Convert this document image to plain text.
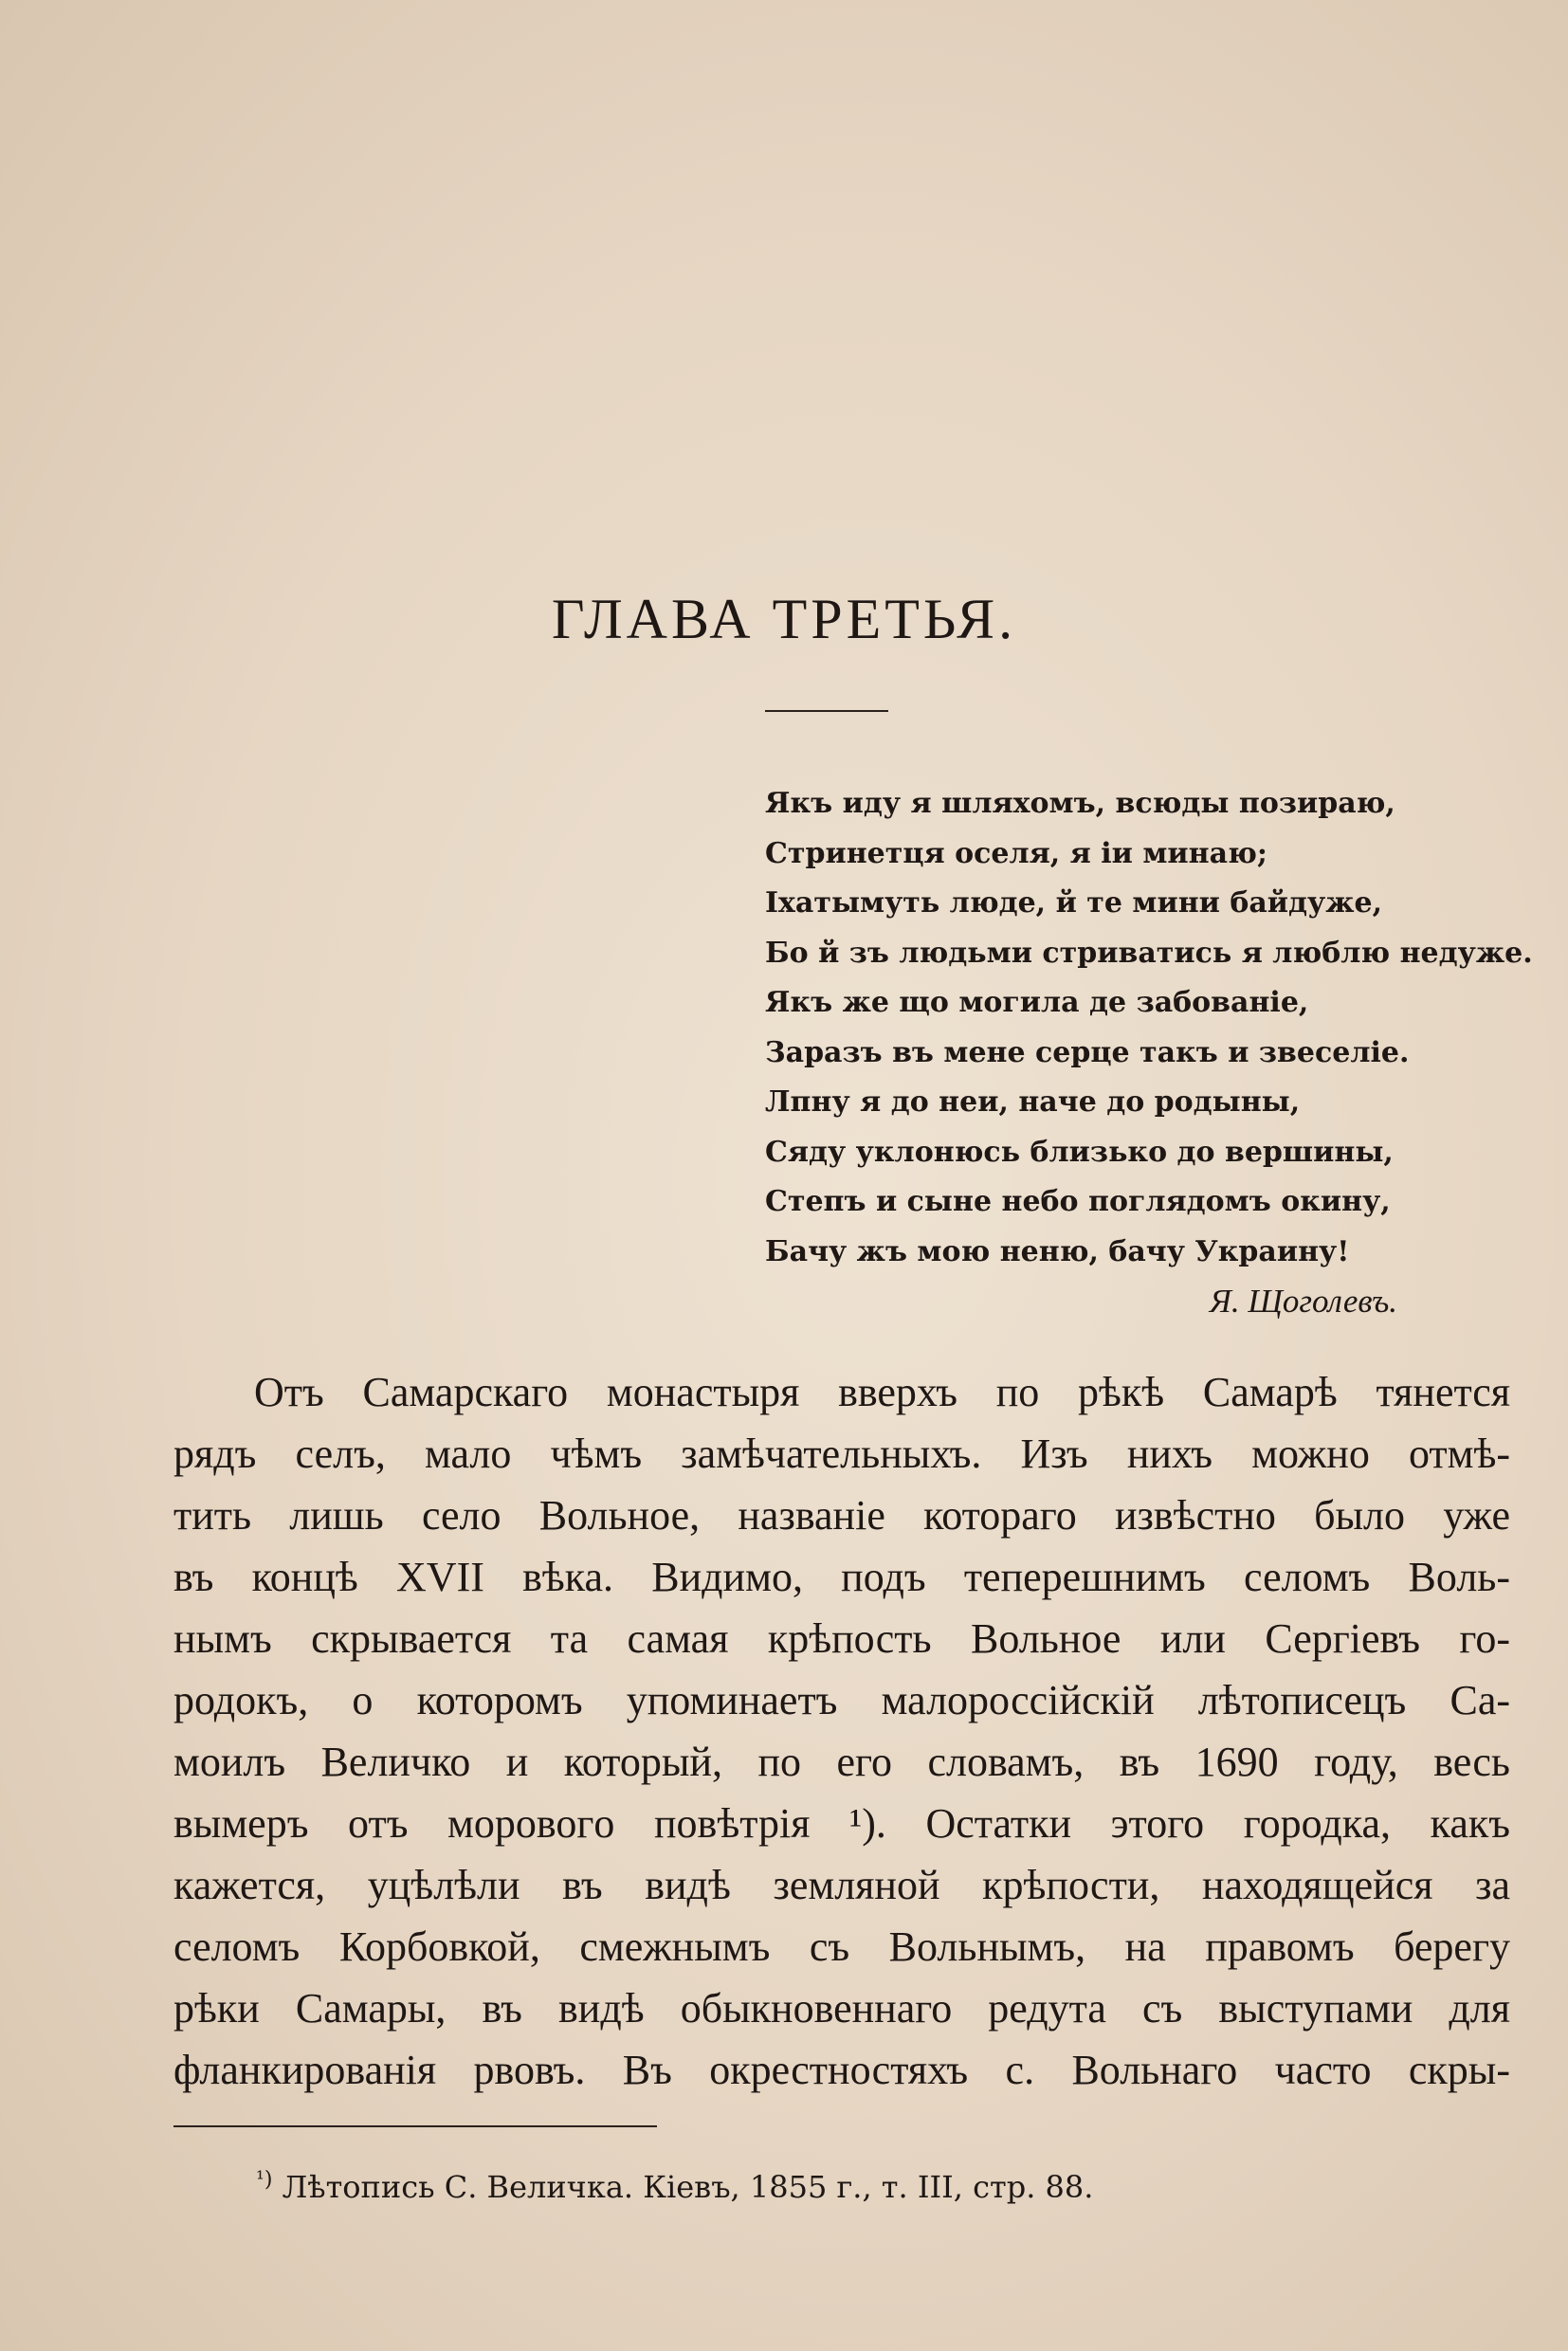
ГЛАВА ТРЕТЬЯ.
Якъ иду я шляхомъ, всюды позираю,
Стринетця оселя, я іи минаю;
Іхатымуть люде, й те мини байдуже,
Бо й зъ людьми стриватись я люблю недуже.
Якъ же що могила де забованіе,
Заразъ въ мене серце такъ и звеселіе.
Лпну я до неи, наче до родыны,
Сяду уклонюсь близько до вершины,
Степъ и сыне небо поглядомъ окину,
Бачу жъ мою неню, бачу Украину!
Я. Щоголевъ.
Отъ Самарскаго монастыря вверхъ по рѣкѣ Самарѣ тянется
рядъ селъ, мало чѣмъ замѣчательныхъ. Изъ нихъ можно отмѣ-
тить лишь село Вольное, названіе котораго извѣстно было уже
въ концѣ XVII вѣка. Видимо, подъ теперешнимъ селомъ Воль-
нымъ скрывается та самая крѣпость Вольное или Сергіевъ го-
родокъ, о которомъ упоминаетъ малороссійскій лѣтописецъ Са-
моилъ Величко и который, по его словамъ, въ 1690 году, весь
вымеръ отъ моровогo повѣтрія ¹). Остатки этого городка, какъ
кажется, уцѣлѣли въ видѣ земляной крѣпости, находящейся за
селомъ Корбовкой, смежнымъ съ Вольнымъ, на правомъ берегу
рѣки Самары, въ видѣ обыкновеннаго редута съ выступами для
фланкированія рвовъ. Въ окрестностяхъ с. Вольнаго часто скры-
$^{^1)}$ Лѣтопись С. Величка. Кіевъ, 1855 г., т. III, стр. 88.
